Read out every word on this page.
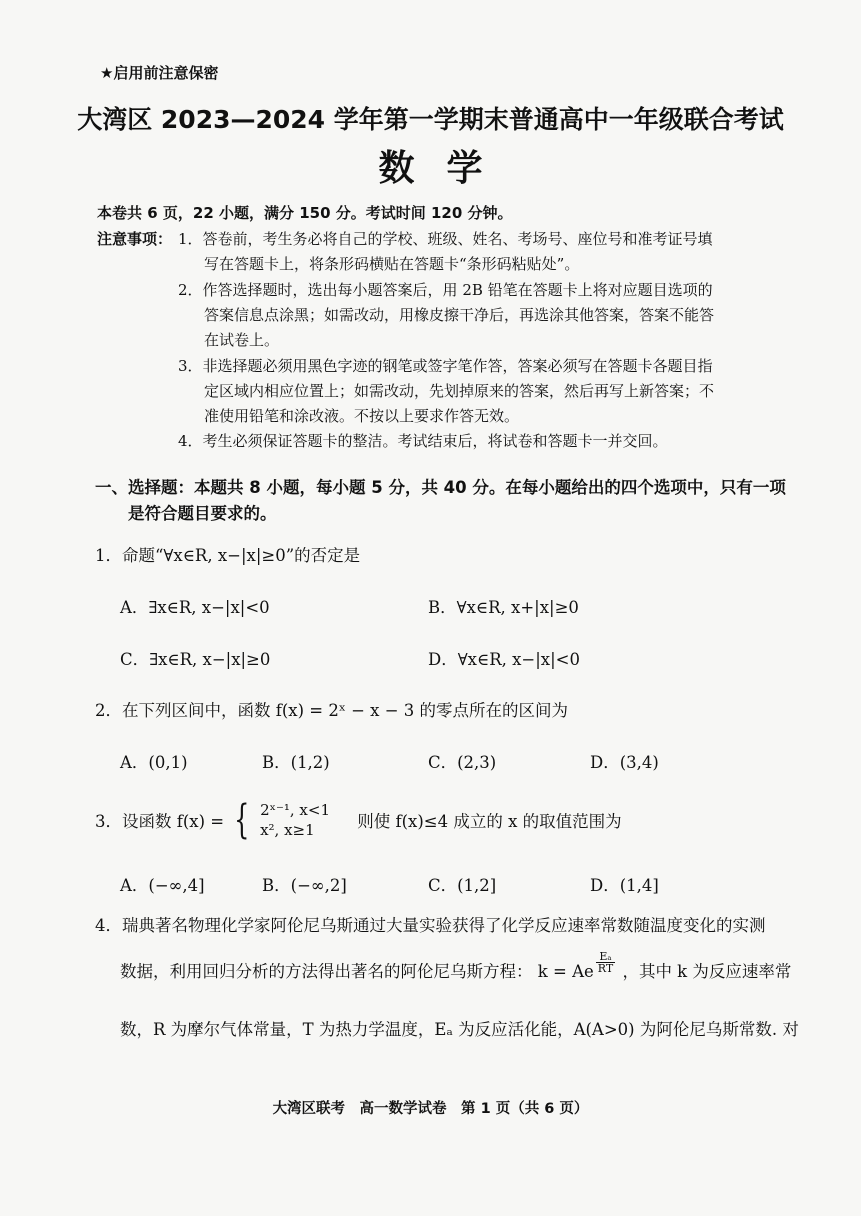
★启用前注意保密
大湾区 2023—2024 学年第一学期末普通高中一年级联合考试
数学
本卷共 6 页，22 小题，满分 150 分。考试时间 120 分钟。
注意事项： 1．答卷前，考生务必将自己的学校、班级、姓名、考场号、座位号和准考证号填
写在答题卡上，将条形码横贴在答题卡“条形码粘贴处”。
2．作答选择题时，选出每小题答案后，用 2B 铅笔在答题卡上将对应题目选项的
答案信息点涂黑；如需改动，用橡皮擦干净后，再选涂其他答案，答案不能答
在试卷上。
3．非选择题必须用黑色字迹的钢笔或签字笔作答，答案必须写在答题卡各题目指
定区域内相应位置上；如需改动，先划掉原来的答案，然后再写上新答案；不
准使用铅笔和涂改液。不按以上要求作答无效。
4．考生必须保证答题卡的整洁。考试结束后，将试卷和答题卡一并交回。
一、选择题：本题共 8 小题，每小题 5 分，共 40 分。在每小题给出的四个选项中，只有一项
是符合题目要求的。
1．命题“∀x∈R, x−|x|≥0”的否定是
A．∃x∈R, x−|x|<0	B．∀x∈R, x+|x|≥0
C．∃x∈R, x−|x|≥0	D．∀x∈R, x−|x|<0
2．在下列区间中，函数 f(x) = 2ˣ − x − 3 的零点所在的区间为
A．(0,1)	B．(1,2)	C．(2,3)	D．(3,4)
3．设函数 f(x) = { 2ˣ⁻¹, x<1
x², x≥1	则使 f(x)≤4 成立的 x 的取值范围为
A．(−∞,4]	B．(−∞,2]	C．(1,2]	D．(1,4]
4．瑞典著名物理化学家阿伦尼乌斯通过大量实验获得了化学反应速率常数随温度变化的实测
数据，利用回归分析的方法得出著名的阿伦尼乌斯方程： k = Ae $\frac{\text{Eₐ}}{RT}$ ，其中 k 为反应速率常
数，R 为摩尔气体常量，T 为热力学温度，Eₐ 为反应活化能，A(A>0) 为阿伦尼乌斯常数. 对
大湾区联考　高一数学试卷　第 1 页（共 6 页）
